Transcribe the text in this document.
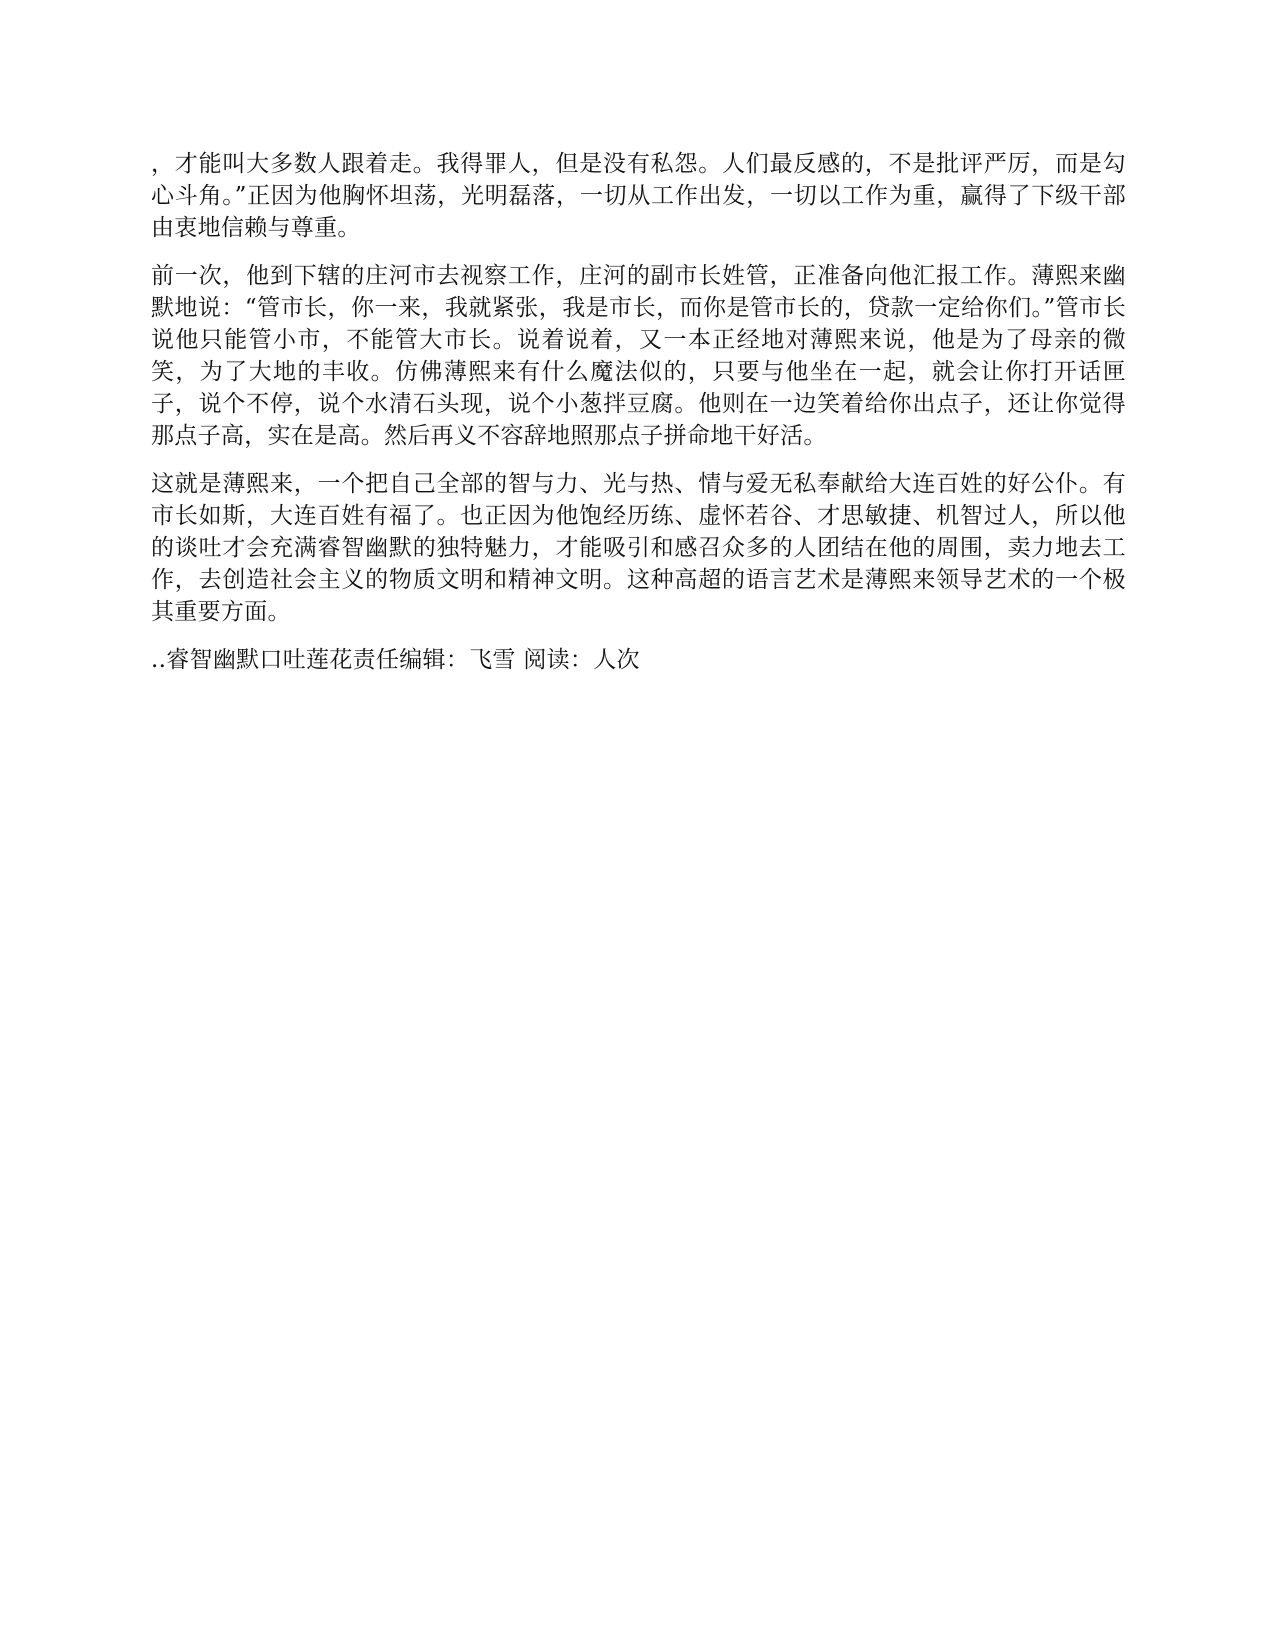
，才能叫大多数人跟着走。我得罪人，但是没有私怨。人们最反感的，不是批评严厉，而是勾心斗角。”正因为他胸怀坦荡，光明磊落，一切从工作出发，一切以工作为重，赢得了下级干部由衷地信赖与尊重。

前一次，他到下辖的庄河市去视察工作，庄河的副市长姓管，正准备向他汇报工作。薄熙来幽默地说：“管市长，你一来，我就紧张，我是市长，而你是管市长的，贷款一定给你们。”管市长说他只能管小市，不能管大市长。说着说着，又一本正经地对薄熙来说，他是为了母亲的微笑，为了大地的丰收。仿佛薄熙来有什么魔法似的，只要与他坐在一起，就会让你打开话匣子，说个不停，说个水清石头现，说个小葱拌豆腐。他则在一边笑着给你出点子，还让你觉得那点子高，实在是高。然后再义不容辞地照那点子拼命地干好活。

这就是薄熙来，一个把自己全部的智与力、光与热、情与爱无私奉献给大连百姓的好公仆。有市长如斯，大连百姓有福了。也正因为他饱经历练、虚怀若谷、才思敏捷、机智过人，所以他的谈吐才会充满睿智幽默的独特魅力，才能吸引和感召众多的人团结在他的周围，卖力地去工作，去创造社会主义的物质文明和精神文明。这种高超的语言艺术是薄熙来领导艺术的一个极其重要方面。

..睿智幽默口吐莲花责任编辑：飞雪 阅读：人次
